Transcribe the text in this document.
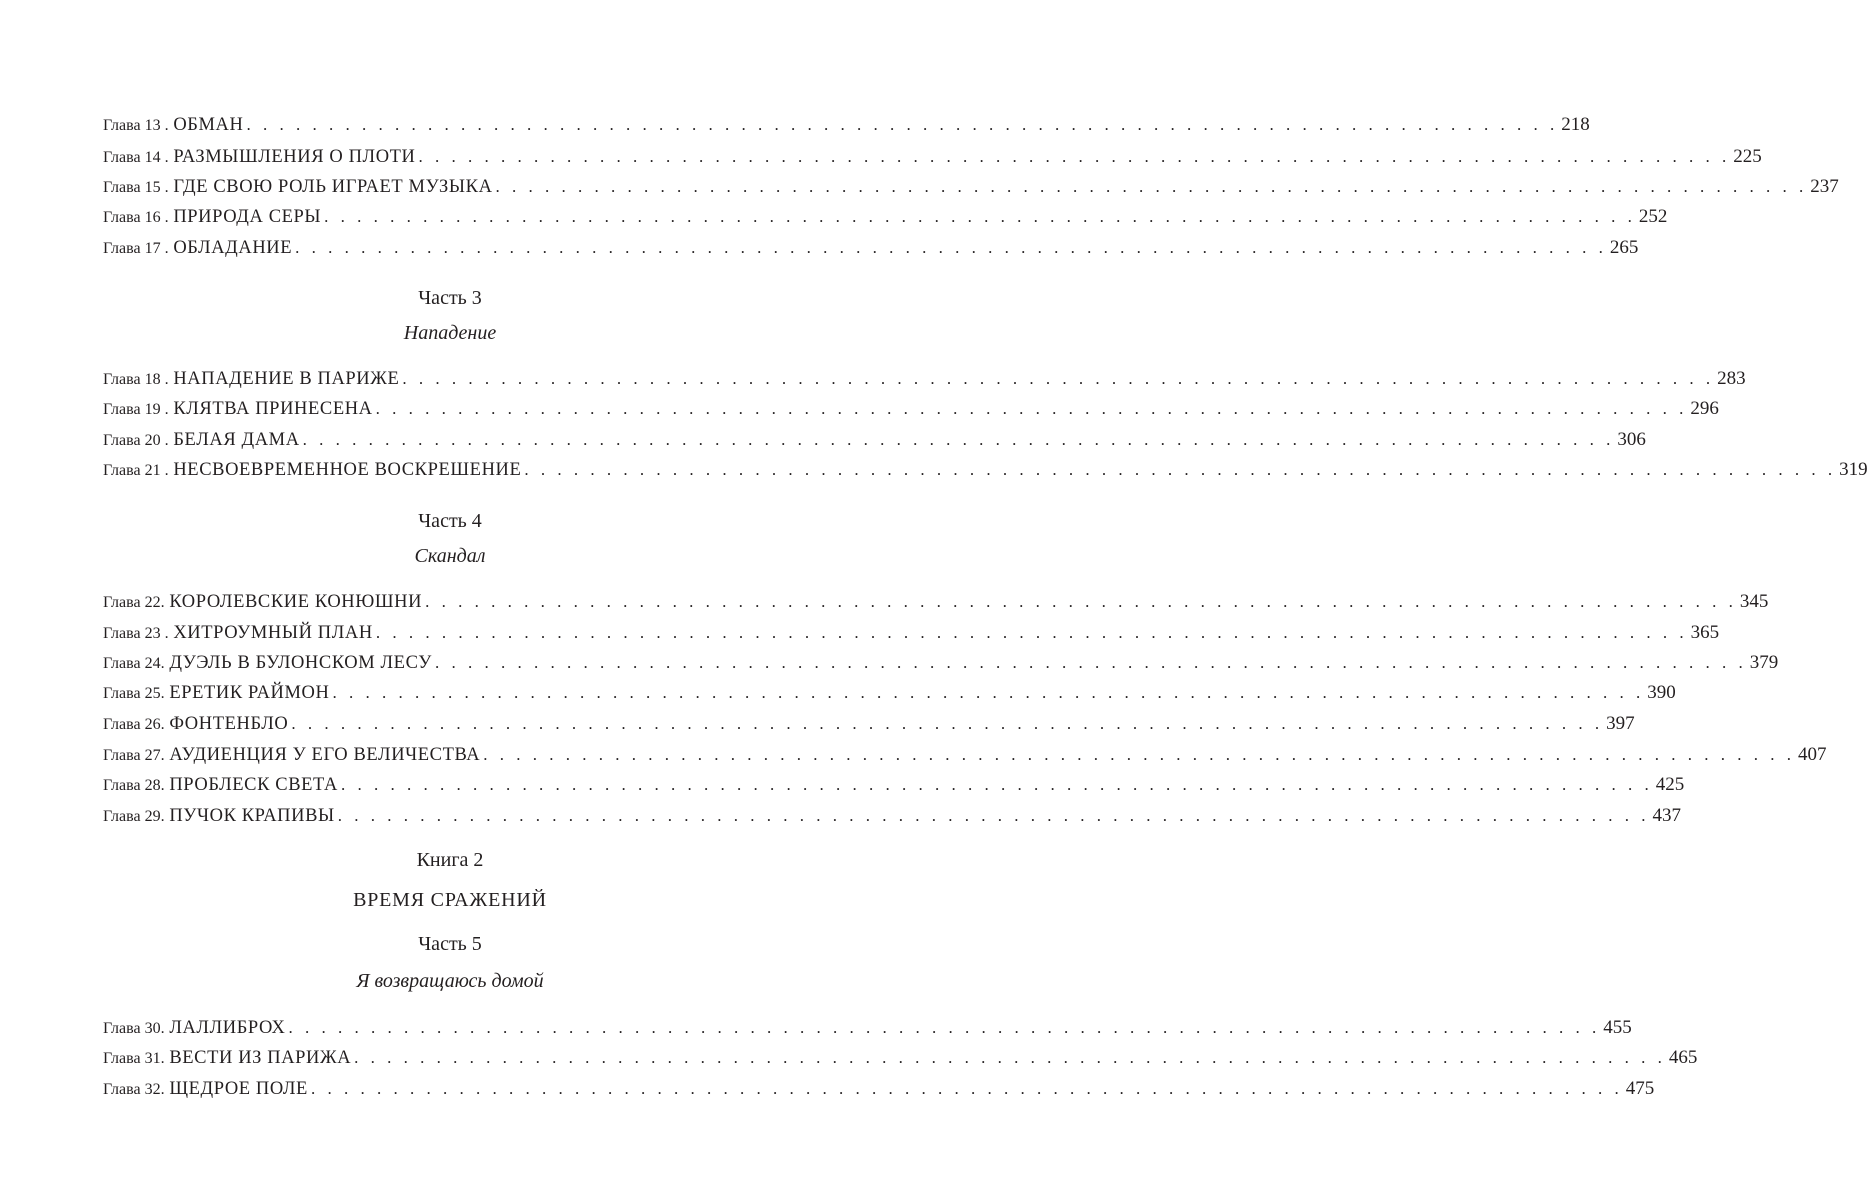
Глава 13 . ОБМАН . . . . . . . . . . . . . . . . . . . . . . . . . . . . . . . . . . . . . . . . . . . . . . . . . . . . . . . . . . . . . . . . . . . . . . . . . . . . . . . . 218
Глава 14 . РАЗМЫШЛЕНИЯ О ПЛОТИ . . . . . . . . . . . . . . . . . . . . . . . . . . . . . . . . . . . . . . . . . . . . . . . . . . . . . . . . . . . . . . . . . . . . . . . . . . . . . . . . 225
Глава 15 . ГДЕ СВОЮ РОЛЬ ИГРАЕТ МУЗЫКА . . . . . . . . . . . . . . . . . . . . . . . . . . . . . . . . . . . . . . . . . . . . . . . . . . . . . . . . . . . . . . . . . . . . . . . . . . . . . . . . 237
Глава 16 . ПРИРОДА СЕРЫ . . . . . . . . . . . . . . . . . . . . . . . . . . . . . . . . . . . . . . . . . . . . . . . . . . . . . . . . . . . . . . . . . . . . . . . . . . . . . . . . 252
Глава 17 . ОБЛАДАНИЕ . . . . . . . . . . . . . . . . . . . . . . . . . . . . . . . . . . . . . . . . . . . . . . . . . . . . . . . . . . . . . . . . . . . . . . . . . . . . . . . . 265
Часть 3
Нападение
Глава 18 . НАПАДЕНИЕ В ПАРИЖЕ . . . . . . . . . . . . . . . . . . . . . . . . . . . . . . . . . . . . . . . . . . . . . . . . . . . . . . . . . . . . . . . . . . . . . . . . . . . . . . . . 283
Глава 19 . КЛЯТВА ПРИНЕСЕНА . . . . . . . . . . . . . . . . . . . . . . . . . . . . . . . . . . . . . . . . . . . . . . . . . . . . . . . . . . . . . . . . . . . . . . . . . . . . . . . . 296
Глава 20 . БЕЛАЯ ДАМА . . . . . . . . . . . . . . . . . . . . . . . . . . . . . . . . . . . . . . . . . . . . . . . . . . . . . . . . . . . . . . . . . . . . . . . . . . . . . . . . 306
Глава 21 . НЕСВОЕВРЕМЕННОЕ ВОСКРЕШЕНИЕ . . . . . . . . . . . . . . . . . . . . . . . . . . . . . . . . . . . . . . . . . . . . . . . . . . . . . . . . . . . . . . . . . . . . . . . . . . . . . . . . 319
Часть 4
Скандал
Глава 22. КОРОЛЕВСКИЕ КОНЮШНИ . . . . . . . . . . . . . . . . . . . . . . . . . . . . . . . . . . . . . . . . . . . . . . . . . . . . . . . . . . . . . . . . . . . . . . . . . . . . . . . . 345
Глава 23 . ХИТРОУМНЫЙ ПЛАН . . . . . . . . . . . . . . . . . . . . . . . . . . . . . . . . . . . . . . . . . . . . . . . . . . . . . . . . . . . . . . . . . . . . . . . . . . . . . . . . 365
Глава 24. ДУЭЛЬ В БУЛОНСКОМ ЛЕСУ . . . . . . . . . . . . . . . . . . . . . . . . . . . . . . . . . . . . . . . . . . . . . . . . . . . . . . . . . . . . . . . . . . . . . . . . . . . . . . . . 379
Глава 25. ЕРЕТИК РАЙМОН . . . . . . . . . . . . . . . . . . . . . . . . . . . . . . . . . . . . . . . . . . . . . . . . . . . . . . . . . . . . . . . . . . . . . . . . . . . . . . . . 390
Глава 26. ФОНТЕНБЛО . . . . . . . . . . . . . . . . . . . . . . . . . . . . . . . . . . . . . . . . . . . . . . . . . . . . . . . . . . . . . . . . . . . . . . . . . . . . . . . . 397
Глава 27. АУДИЕНЦИЯ У ЕГО ВЕЛИЧЕСТВА . . . . . . . . . . . . . . . . . . . . . . . . . . . . . . . . . . . . . . . . . . . . . . . . . . . . . . . . . . . . . . . . . . . . . . . . . . . . . . . . 407
Глава 28. ПРОБЛЕСК СВЕТА . . . . . . . . . . . . . . . . . . . . . . . . . . . . . . . . . . . . . . . . . . . . . . . . . . . . . . . . . . . . . . . . . . . . . . . . . . . . . . . . 425
Глава 29. ПУЧОК КРАПИВЫ . . . . . . . . . . . . . . . . . . . . . . . . . . . . . . . . . . . . . . . . . . . . . . . . . . . . . . . . . . . . . . . . . . . . . . . . . . . . . . . . 437
Книга 2
ВРЕМЯ СРАЖЕНИЙ
Часть 5
Я возвращаюсь домой
Глава 30. ЛАЛЛИБРОХ . . . . . . . . . . . . . . . . . . . . . . . . . . . . . . . . . . . . . . . . . . . . . . . . . . . . . . . . . . . . . . . . . . . . . . . . . . . . . . . . 455
Глава 31. ВЕСТИ ИЗ ПАРИЖА . . . . . . . . . . . . . . . . . . . . . . . . . . . . . . . . . . . . . . . . . . . . . . . . . . . . . . . . . . . . . . . . . . . . . . . . . . . . . . . . 465
Глава 32. ЩЕДРОЕ ПОЛЕ . . . . . . . . . . . . . . . . . . . . . . . . . . . . . . . . . . . . . . . . . . . . . . . . . . . . . . . . . . . . . . . . . . . . . . . . . . . . . . . . 475
